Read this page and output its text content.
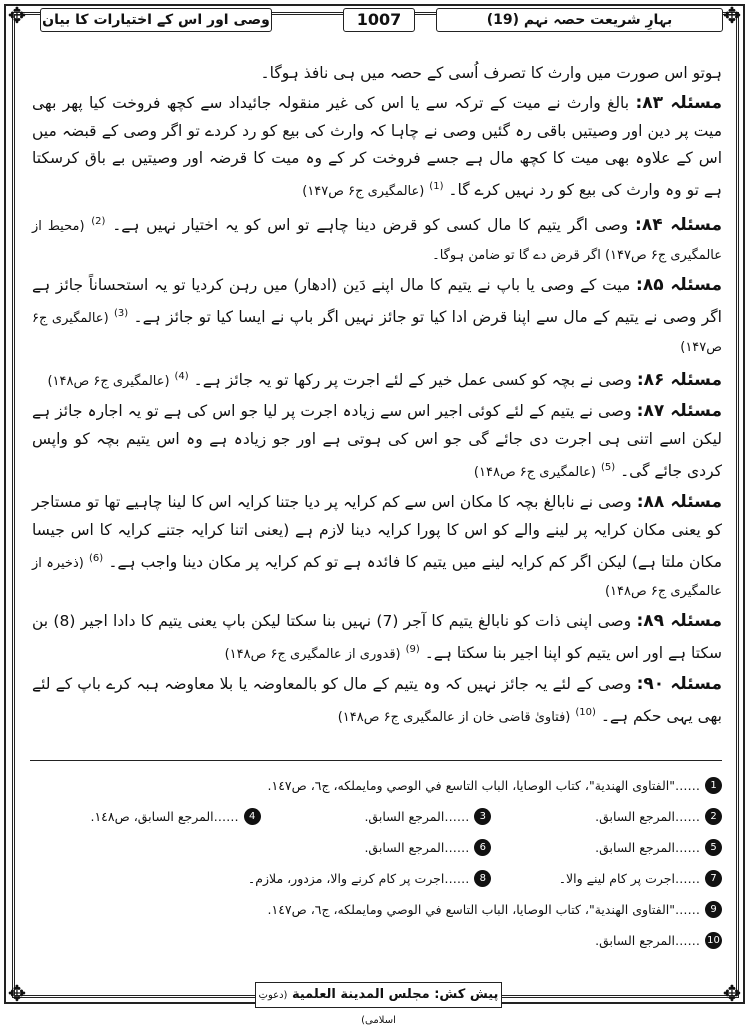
✥	✥
✥	✥
بہارِ شریعت حصہ نہم (19)
1007
وصی اور اس کے اختیارات کا بیان

ہوتو اس صورت میں وارث کا تصرف اُسی کے حصہ میں ہی نافذ ہوگا۔

مسئلہ ۸۳: بالغ وارث نے میت کے ترکہ سے یا اس کی غیر منقولہ جائیداد سے کچھ فروخت کیا پھر بھی میت پر دین اور وصیتیں باقی رہ گئیں وصی نے چاہا کہ وارث کی بیع کو رد کردے تو اگر وصی کے قبضہ میں اس کے علاوہ بھی میت کا کچھ مال ہے جسے فروخت کر کے وہ میت کا قرضہ اور وصیتیں بے باق کرسکتا ہے تو وہ وارث کی بیع کو رد نہیں کرے گا۔ $^{(1)}$ (عالمگیری ج۶ ص۱۴۷)

مسئلہ ۸۴: وصی اگر یتیم کا مال کسی کو قرض دینا چاہے تو اس کو یہ اختیار نہیں ہے۔ $^{(2)}$ (محیط از عالمگیری ج۶ ص۱۴۷) اگر قرض دے گا تو ضامن ہوگا۔

مسئلہ ۸۵: میت کے وصی یا باپ نے یتیم کا مال اپنے دَین (ادھار) میں رہن کردیا تو یہ استحساناً جائز ہے اگر وصی نے یتیم کے مال سے اپنا قرض ادا کیا تو جائز نہیں اگر باپ نے ایسا کیا تو جائز ہے۔ $^{(3)}$ (عالمگیری ج۶ ص۱۴۷)

مسئلہ ۸۶: وصی نے بچہ کو کسی عمل خیر کے لئے اجرت پر رکھا تو یہ جائز ہے۔ $^{(4)}$ (عالمگیری ج۶ ص۱۴۸)

مسئلہ ۸۷: وصی نے یتیم کے لئے کوئی اجیر اس سے زیادہ اجرت پر لیا جو اس کی ہے تو یہ اجارہ جائز ہے لیکن اسے اتنی ہی اجرت دی جائے گی جو اس کی ہوتی ہے اور جو زیادہ ہے وہ اس یتیم بچہ کو واپس کردی جائے گی۔ $^{(5)}$ (عالمگیری ج۶ ص۱۴۸)

مسئلہ ۸۸: وصی نے نابالغ بچہ کا مکان اس سے کم کرایہ پر دیا جتنا کرایہ اس کا لینا چاہیے تھا تو مستاجر کو یعنی مکان کرایہ پر لینے والے کو اس کا پورا کرایہ دینا لازم ہے (یعنی اتنا کرایہ جتنے کرایہ کا اس جیسا مکان ملتا ہے) لیکن اگر کم کرایہ لینے میں یتیم کا فائدہ ہے تو کم کرایہ پر مکان دینا واجب ہے۔ $^{(6)}$ (ذخیرہ از عالمگیری ج۶ ص۱۴۸)

مسئلہ ۸۹: وصی اپنی ذات کو نابالغ یتیم کا آجر (7) نہیں بنا سکتا لیکن باپ یعنی یتیم کا دادا اجیر (8) بن سکتا ہے اور اس یتیم کو اپنا اجیر بنا سکتا ہے۔ $^{(9)}$ (قدوری از عالمگیری ج۶ ص۱۴۸)

مسئلہ ۹۰: وصی کے لئے یہ جائز نہیں کہ وہ یتیم کے مال کو بالمعاوضہ یا بلا معاوضہ ہبہ کرے باپ کے لئے بھی یہی حکم ہے۔ $^{(10)}$ (فتاویٰ قاضی خان از عالمگیری ج۶ ص۱۴۸)

1
……"الفتاوى الهندية"، كتاب الوصايا، الباب التاسع في الوصي ومايملكه، ج٦، ص١٤٧.
2
……المرجع السابق.
3
……المرجع السابق.
4
……المرجع السابق، ص١٤٨.
5
……المرجع السابق.
6
……المرجع السابق.
7
……اجرت پر کام لینے والا۔
8
……اجرت پر کام کرنے والا، مزدور، ملازم۔
9
……"الفتاوى الهندية"، كتاب الوصايا، الباب التاسع في الوصي ومايملكه، ج٦، ص١٤٧.
10
……المرجع السابق.
پیش کش: مجلس المدینة العلمیة (دعوتِ اسلامی)
